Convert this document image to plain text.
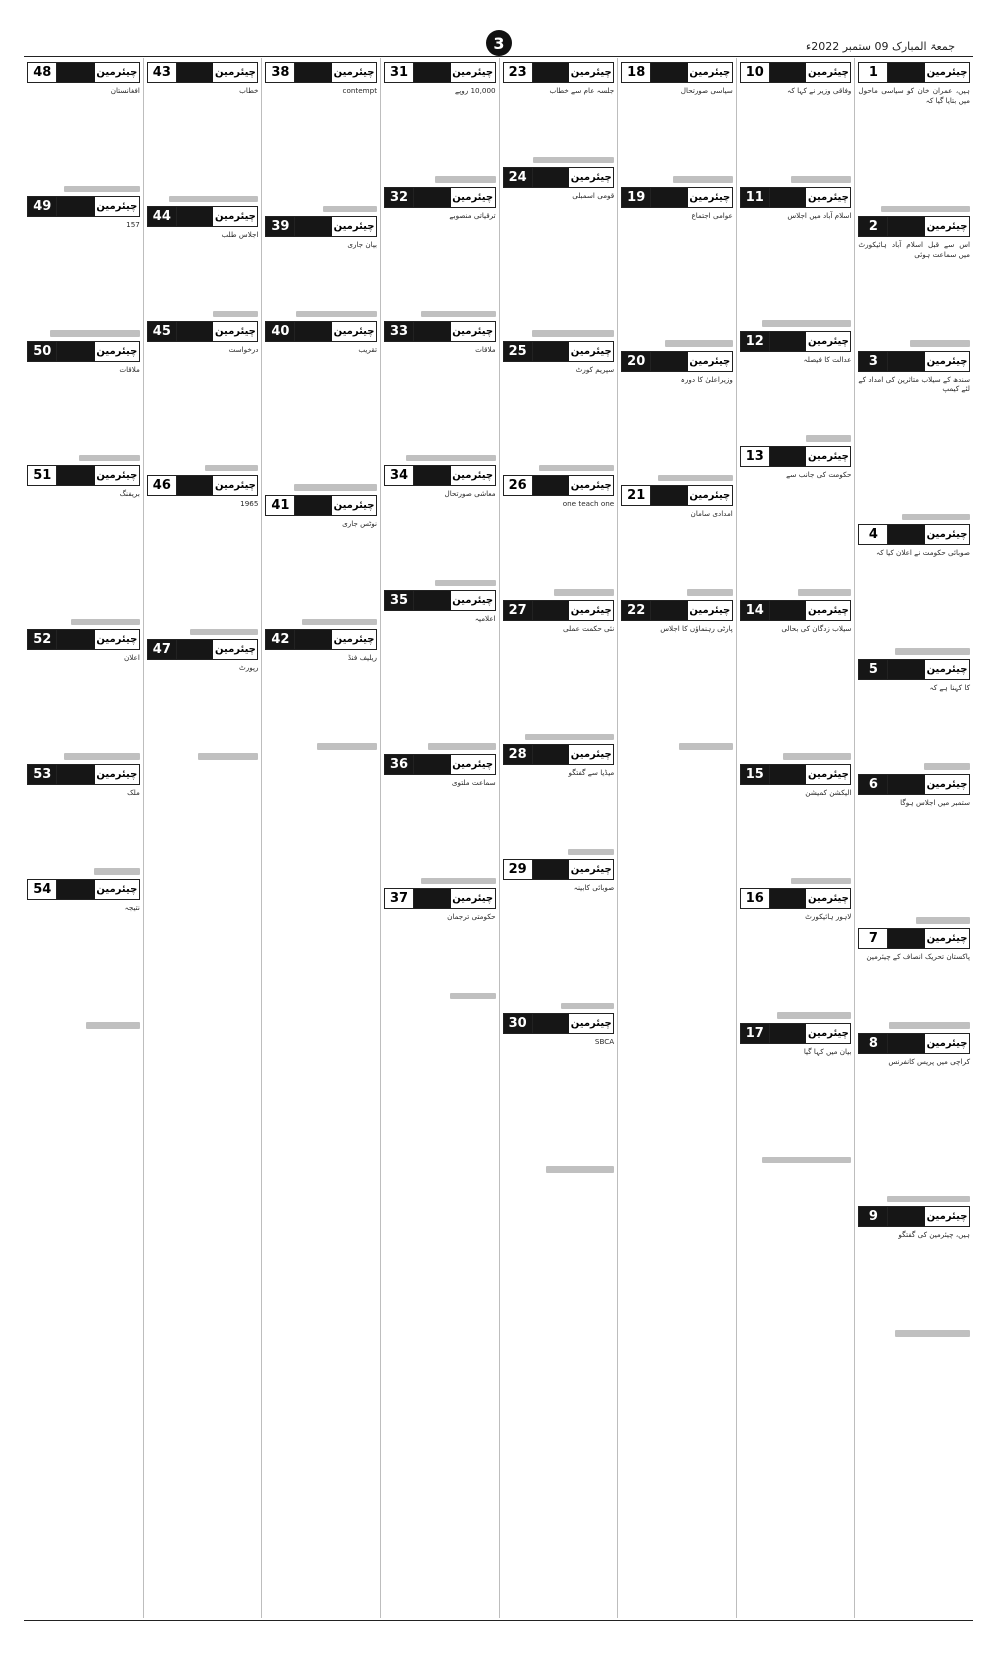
3	جمعۃ المبارک 09 ستمبر 2022ء
1	چیئرمین

ہیں، عمران خان کو سیاسی ماحول میں بتایا گیا کہ

2	چیئرمین

اس سے قبل اسلام آباد ہائیکورٹ میں سماعت ہوئی

3	چیئرمین

سندھ کے سیلاب متاثرین کی امداد کے لئے کیمپ

4	چیئرمین

صوبائی حکومت نے اعلان کیا کہ

5	چیئرمین

کا کہنا ہے کہ

6	چیئرمین

ستمبر میں اجلاس ہوگا

7	چیئرمین

پاکستان تحریک انصاف کے چیئرمین

8	چیئرمین

کراچی میں پریس کانفرنس

9	چیئرمین

ہیں، چیئرمین کی گفتگو

10	چیئرمین

وفاقی وزیر نے کہا کہ

11	چیئرمین

اسلام آباد میں اجلاس

12	چیئرمین

عدالت کا فیصلہ

13	چیئرمین

حکومت کی جانب سے

14	چیئرمین

سیلاب زدگان کی بحالی

15	چیئرمین

الیکشن کمیشن

16	چیئرمین

لاہور ہائیکورٹ

17	چیئرمین

بیان میں کہا گیا

18	چیئرمین

سیاسی صورتحال

19	چیئرمین

عوامی اجتماع

20	چیئرمین

وزیراعلیٰ کا دورہ

21	چیئرمین

امدادی سامان

22	چیئرمین

پارٹی رہنماؤں کا اجلاس

23	چیئرمین

جلسہ عام سے خطاب

24	چیئرمین

قومی اسمبلی

25	چیئرمین

سپریم کورٹ

26	چیئرمین

one teach one

27	چیئرمین

نئی حکمت عملی

28	چیئرمین

میڈیا سے گفتگو

29	چیئرمین

صوبائی کابینہ

30	چیئرمین

SBCA

31	چیئرمین

10,000 روپے

32	چیئرمین

ترقیاتی منصوبے

33	چیئرمین

ملاقات

34	چیئرمین

معاشی صورتحال

35	چیئرمین

اعلامیہ

36	چیئرمین

سماعت ملتوی

37	چیئرمین

حکومتی ترجمان

38	چیئرمین

contempt

39	چیئرمین

بیان جاری

40	چیئرمین

تقریب

41	چیئرمین

نوٹس جاری

42	چیئرمین

ریلیف فنڈ

43	چیئرمین

خطاب

44	چیئرمین

اجلاس طلب

45	چیئرمین

درخواست

46	چیئرمین

1965

47	چیئرمین

رپورٹ

48	چیئرمین

افغانستان

49	چیئرمین

157

50	چیئرمین

ملاقات

51	چیئرمین

بریفنگ

52	چیئرمین

اعلان

53	چیئرمین

ملک

54	چیئرمین

نتیجہ
